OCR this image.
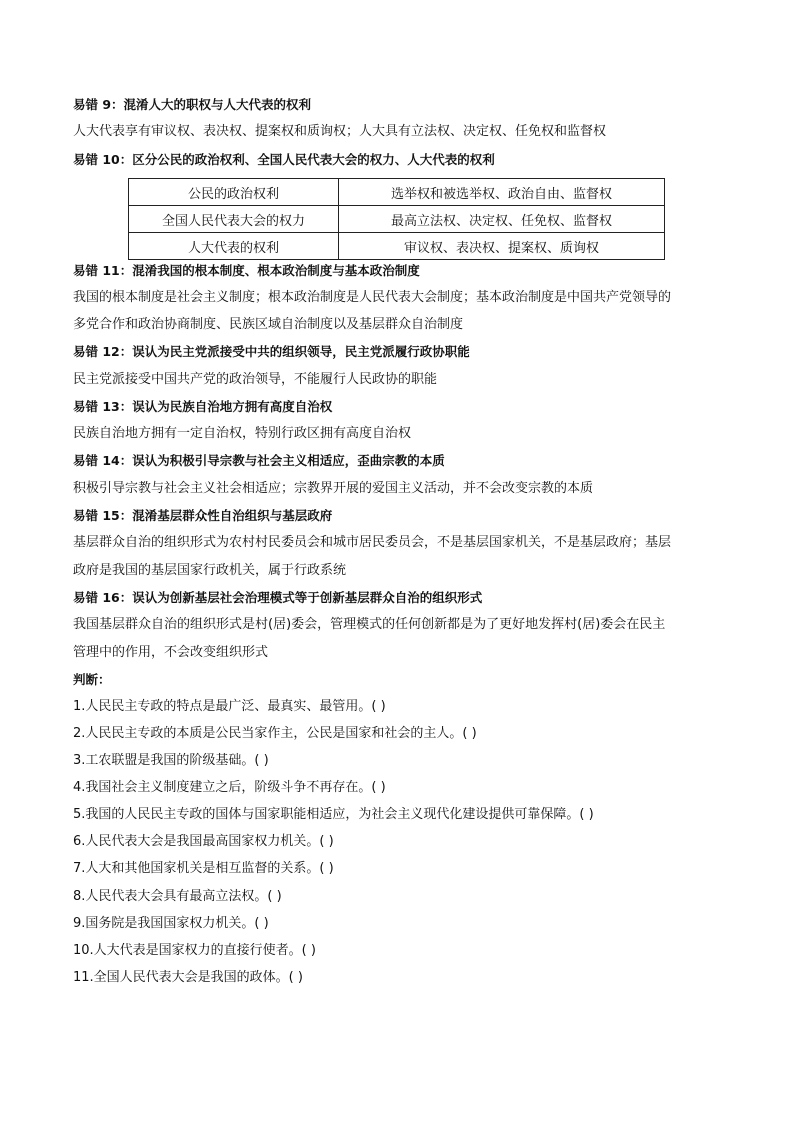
易错 9：混淆人大的职权与人大代表的权利
人大代表享有审议权、表决权、提案权和质询权；人大具有立法权、决定权、任免权和监督权
易错 10：区分公民的政治权利、全国人民代表大会的权力、人大代表的权利
公民的政治权利	选举权和被选举权、政治自由、监督权
全国人民代表大会的权力	最高立法权、决定权、任免权、监督权
人大代表的权利	审议权、表决权、提案权、质询权
易错 11：混淆我国的根本制度、根本政治制度与基本政治制度
我国的根本制度是社会主义制度；根本政治制度是人民代表大会制度；基本政治制度是中国共产党领导的
多党合作和政治协商制度、民族区域自治制度以及基层群众自治制度
易错 12：误认为民主党派接受中共的组织领导，民主党派履行政协职能
民主党派接受中国共产党的政治领导，不能履行人民政协的职能
易错 13：误认为民族自治地方拥有高度自治权
民族自治地方拥有一定自治权，特别行政区拥有高度自治权
易错 14：误认为积极引导宗教与社会主义相适应，歪曲宗教的本质
积极引导宗教与社会主义社会相适应；宗教界开展的爱国主义活动，并不会改变宗教的本质
易错 15：混淆基层群众性自治组织与基层政府
基层群众自治的组织形式为农村村民委员会和城市居民委员会，不是基层国家机关，不是基层政府；基层
政府是我国的基层国家行政机关，属于行政系统
易错 16：误认为创新基层社会治理模式等于创新基层群众自治的组织形式
我国基层群众自治的组织形式是村(居)委会，管理模式的任何创新都是为了更好地发挥村(居)委会在民主
管理中的作用，不会改变组织形式
判断：
1.人民民主专政的特点是最广泛、最真实、最管用。( )
2.人民民主专政的本质是公民当家作主，公民是国家和社会的主人。( )
3.工农联盟是我国的阶级基础。( )
4.我国社会主义制度建立之后，阶级斗争不再存在。( )
5.我国的人民民主专政的国体与国家职能相适应，为社会主义现代化建设提供可靠保障。( )
6.人民代表大会是我国最高国家权力机关。( )
7.人大和其他国家机关是相互监督的关系。( )
8.人民代表大会具有最高立法权。( )
9.国务院是我国国家权力机关。( )
10.人大代表是国家权力的直接行使者。( )
11.全国人民代表大会是我国的政体。( )
